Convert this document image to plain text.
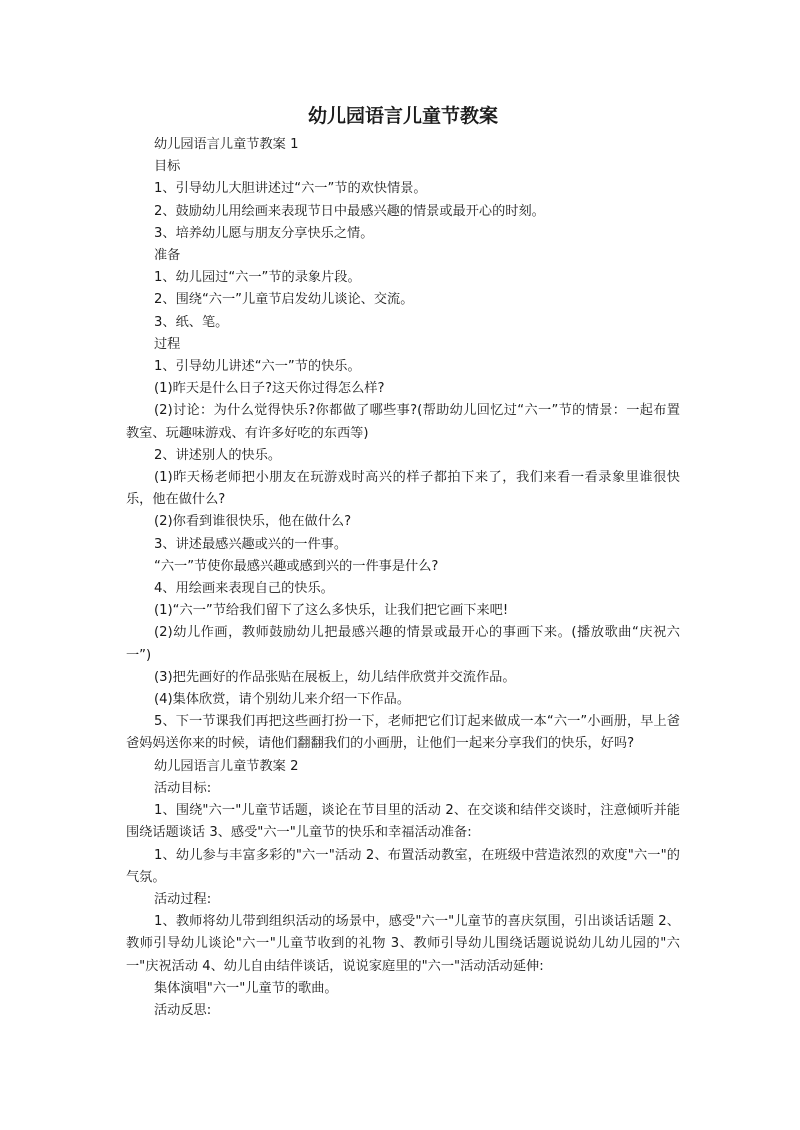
幼儿园语言儿童节教案

幼儿园语言儿童节教案 1

目标

1、引导幼儿大胆讲述过“六一”节的欢快情景。

2、鼓励幼儿用绘画来表现节日中最感兴趣的情景或最开心的时刻。

3、培养幼儿愿与朋友分享快乐之情。

准备

1、幼儿园过“六一”节的录象片段。

2、围绕“六一”儿童节启发幼儿谈论、交流。

3、纸、笔。

过程

1、引导幼儿讲述“六一”节的快乐。

(1)昨天是什么日子?这天你过得怎么样?

(2)讨论：为什么觉得快乐?你都做了哪些事?(帮助幼儿回忆过“六一”节的情景：一起布置教室、玩趣味游戏、有许多好吃的东西等)

2、讲述别人的快乐。

(1)昨天杨老师把小朋友在玩游戏时高兴的样子都拍下来了，我们来看一看录象里谁很快乐，他在做什么?

(2)你看到谁很快乐，他在做什么?

3、讲述最感兴趣或兴的一件事。

“六一”节使你最感兴趣或感到兴的一件事是什么?

4、用绘画来表现自己的快乐。

(1)“六一”节给我们留下了这么多快乐，让我们把它画下来吧!

(2)幼儿作画，教师鼓励幼儿把最感兴趣的情景或最开心的事画下来。(播放歌曲“庆祝六一”)

(3)把先画好的作品张贴在展板上，幼儿结伴欣赏并交流作品。

(4)集体欣赏，请个别幼儿来介绍一下作品。

5、下一节课我们再把这些画打扮一下，老师把它们订起来做成一本“六一”小画册，早上爸爸妈妈送你来的时候，请他们翻翻我们的小画册，让他们一起来分享我们的快乐，好吗?

幼儿园语言儿童节教案 2

活动目标:

1、围绕"六一"儿童节话题，谈论在节目里的活动 2、在交谈和结伴交谈时，注意倾听并能围绕话题谈话 3、感受"六一"儿童节的快乐和幸福活动准备:

1、幼儿参与丰富多彩的"六一"活动 2、布置活动教室，在班级中营造浓烈的欢度"六一"的气氛。

活动过程:

1、教师将幼儿带到组织活动的场景中，感受"六一"儿童节的喜庆氛围，引出谈话话题 2、教师引导幼儿谈论"六一"儿童节收到的礼物 3、教师引导幼儿围绕话题说说幼儿幼儿园的"六一"庆祝活动 4、幼儿自由结伴谈话，说说家庭里的"六一"活动活动延伸:

集体演唱"六一"儿童节的歌曲。

活动反思:
